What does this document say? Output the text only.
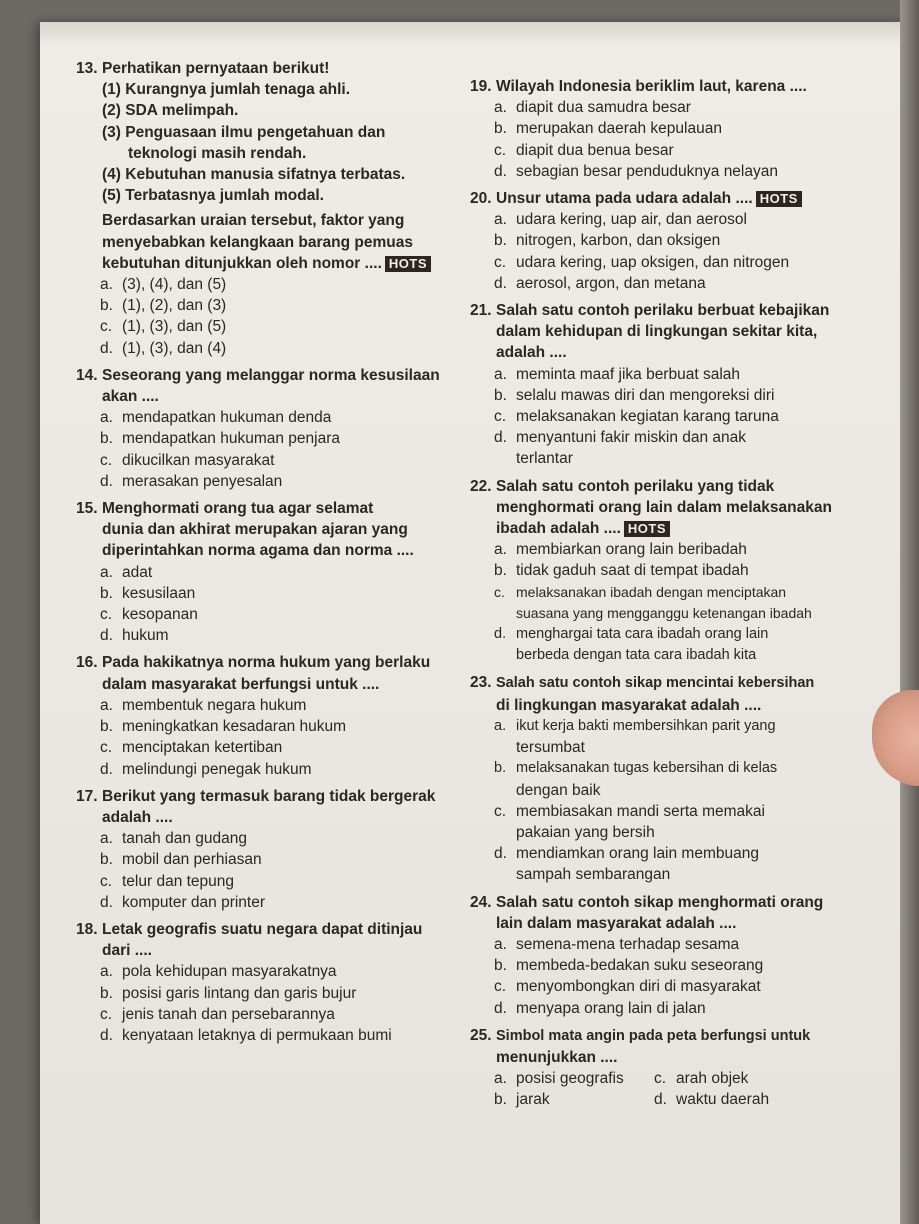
13. Perhatikan pernyataan berikut!
(1) Kurangnya jumlah tenaga ahli.
(2) SDA melimpah.
(3) Penguasaan ilmu pengetahuan dan
teknologi masih rendah.
(4) Kebutuhan manusia sifatnya terbatas.
(5) Terbatasnya jumlah modal.
Berdasarkan uraian tersebut, faktor yang
menyebabkan kelangkaan barang pemuas
kebutuhan ditunjukkan oleh nomor .... HOTS
a. (3), (4), dan (5)
b. (1), (2), dan (3)
c. (1), (3), dan (5)
d. (1), (3), dan (4)
14. Seseorang yang melanggar norma kesusilaan
akan ....
a. mendapatkan hukuman denda
b. mendapatkan hukuman penjara
c. dikucilkan masyarakat
d. merasakan penyesalan
15. Menghormati orang tua agar selamat
dunia dan akhirat merupakan ajaran yang
diperintahkan norma agama dan norma ....
a. adat
b. kesusilaan
c. kesopanan
d. hukum
16. Pada hakikatnya norma hukum yang berlaku
dalam masyarakat berfungsi untuk ....
a. membentuk negara hukum
b. meningkatkan kesadaran hukum
c. menciptakan ketertiban
d. melindungi penegak hukum
17. Berikut yang termasuk barang tidak bergerak
adalah ....
a. tanah dan gudang
b. mobil dan perhiasan
c. telur dan tepung
d. komputer dan printer
18. Letak geografis suatu negara dapat ditinjau
dari ....
a. pola kehidupan masyarakatnya
b. posisi garis lintang dan garis bujur
c. jenis tanah dan persebarannya
d. kenyataan letaknya di permukaan bumi
19. Wilayah Indonesia beriklim laut, karena ....
a. diapit dua samudra besar
b. merupakan daerah kepulauan
c. diapit dua benua besar
d. sebagian besar penduduknya nelayan
20. Unsur utama pada udara adalah .... HOTS
a. udara kering, uap air, dan aerosol
b. nitrogen, karbon, dan oksigen
c. udara kering, uap oksigen, dan nitrogen
d. aerosol, argon, dan metana
21. Salah satu contoh perilaku berbuat kebajikan
dalam kehidupan di lingkungan sekitar kita,
adalah ....
a. meminta maaf jika berbuat salah
b. selalu mawas diri dan mengoreksi diri
c. melaksanakan kegiatan karang taruna
d. menyantuni fakir miskin dan anak
terlantar
22. Salah satu contoh perilaku yang tidak
menghormati orang lain dalam melaksanakan
ibadah adalah .... HOTS
a. membiarkan orang lain beribadah
b. tidak gaduh saat di tempat ibadah
c. melaksanakan ibadah dengan menciptakan
suasana yang mengganggu ketenangan ibadah
d. menghargai tata cara ibadah orang lain
berbeda dengan tata cara ibadah kita
23. Salah satu contoh sikap mencintai kebersihan
di lingkungan masyarakat adalah ....
a. ikut kerja bakti membersihkan parit yang
tersumbat
b. melaksanakan tugas kebersihan di kelas
dengan baik
c. membiasakan mandi serta memakai
pakaian yang bersih
d. mendiamkan orang lain membuang
sampah sembarangan
24. Salah satu contoh sikap menghormati orang
lain dalam masyarakat adalah ....
a. semena-mena terhadap sesama
b. membeda-bedakan suku seseorang
c. menyombongkan diri di masyarakat
d. menyapa orang lain di jalan
25. Simbol mata angin pada peta berfungsi untuk
menunjukkan ....
a. posisi geografis	c. arah objek
b. jarak	d. waktu daerah
